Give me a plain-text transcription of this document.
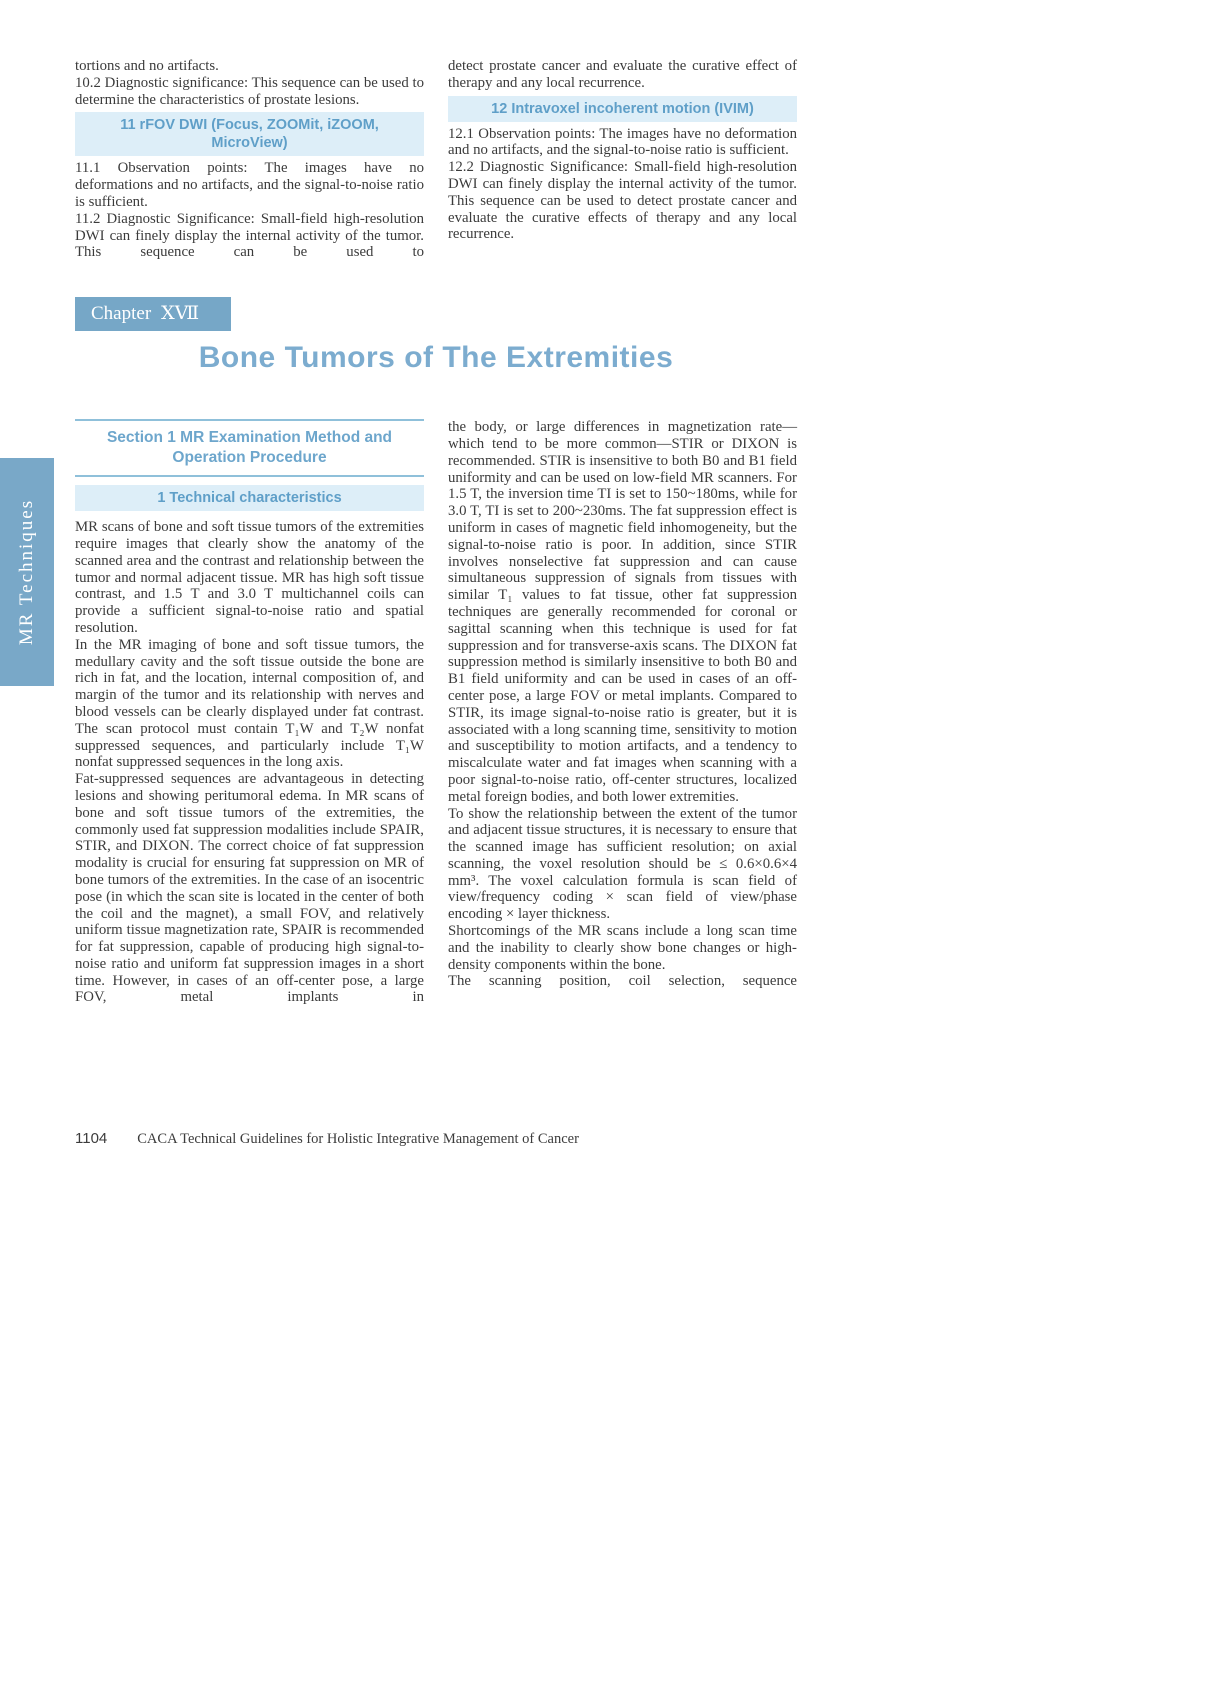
MR Techniques

tortions and no artifacts.

10.2 Diagnostic significance: This sequence can be used to determine the characteristics of prostate lesions.

11 rFOV DWI (Focus, ZOOMit, iZOOM, MicroView)

11.1 Observation points: The images have no deformations and no artifacts, and the signal-to-noise ratio is sufficient.

11.2 Diagnostic Significance: Small-field high-resolution DWI can finely display the internal activity of the tumor. This sequence can be used to

detect prostate cancer and evaluate the curative effect of therapy and any local recurrence.

12 Intravoxel incoherent motion (IVIM)

12.1 Observation points: The images have no deformation and no artifacts, and the signal-to-noise ratio is sufficient.

12.2 Diagnostic Significance: Small-field high-resolution DWI can finely display the internal activity of the tumor. This sequence can be used to detect prostate cancer and evaluate the curative effects of therapy and any local recurrence.

Chapter XⅦ
Bone Tumors of The Extremities
Section 1 MR Examination Method and Operation Procedure
1 Technical characteristics

MR scans of bone and soft tissue tumors of the extremities require images that clearly show the anatomy of the scanned area and the contrast and relationship between the tumor and normal adjacent tissue. MR has high soft tissue contrast, and 1.5 T and 3.0 T multichannel coils can provide a sufficient signal-to-noise ratio and spatial resolution.

In the MR imaging of bone and soft tissue tumors, the medullary cavity and the soft tissue outside the bone are rich in fat, and the location, internal composition of, and margin of the tumor and its relationship with nerves and blood vessels can be clearly displayed under fat contrast. The scan protocol must contain T₁W and T₂W nonfat suppressed sequences, and particularly include T₁W nonfat suppressed sequences in the long axis.

Fat-suppressed sequences are advantageous in detecting lesions and showing peritumoral edema. In MR scans of bone and soft tissue tumors of the extremities, the commonly used fat suppression modalities include SPAIR, STIR, and DIXON. The correct choice of fat suppression modality is crucial for ensuring fat suppression on MR of bone tumors of the extremities. In the case of an isocentric pose (in which the scan site is located in the center of both the coil and the magnet), a small FOV, and relatively uniform tissue magnetization rate, SPAIR is recommended for fat suppression, capable of producing high signal-to-noise ratio and uniform fat suppression images in a short time. However, in cases of an off-center pose, a large FOV, metal implants in

the body, or large differences in magnetization rate—which tend to be more common—STIR or DIXON is recommended. STIR is insensitive to both B0 and B1 field uniformity and can be used on low-field MR scanners. For 1.5 T, the inversion time TI is set to 150~180ms, while for 3.0 T, TI is set to 200~230ms. The fat suppression effect is uniform in cases of magnetic field inhomogeneity, but the signal-to-noise ratio is poor. In addition, since STIR involves nonselective fat suppression and can cause simultaneous suppression of signals from tissues with similar T₁ values to fat tissue, other fat suppression techniques are generally recommended for coronal or sagittal scanning when this technique is used for fat suppression and for transverse-axis scans. The DIXON fat suppression method is similarly insensitive to both B0 and B1 field uniformity and can be used in cases of an off-center pose, a large FOV or metal implants. Compared to STIR, its image signal-to-noise ratio is greater, but it is associated with a long scanning time, sensitivity to motion and susceptibility to motion artifacts, and a tendency to miscalculate water and fat images when scanning with a poor signal-to-noise ratio, off-center structures, localized metal foreign bodies, and both lower extremities.

To show the relationship between the extent of the tumor and adjacent tissue structures, it is necessary to ensure that the scanned image has sufficient resolution; on axial scanning, the voxel resolution should be ≤ 0.6×0.6×4 mm³. The voxel calculation formula is scan field of view/frequency coding × scan field of view/phase encoding × layer thickness.

Shortcomings of the MR scans include a long scan time and the inability to clearly show bone changes or high-density components within the bone.

The scanning position, coil selection, sequence

1104 CACA Technical Guidelines for Holistic Integrative Management of Cancer
